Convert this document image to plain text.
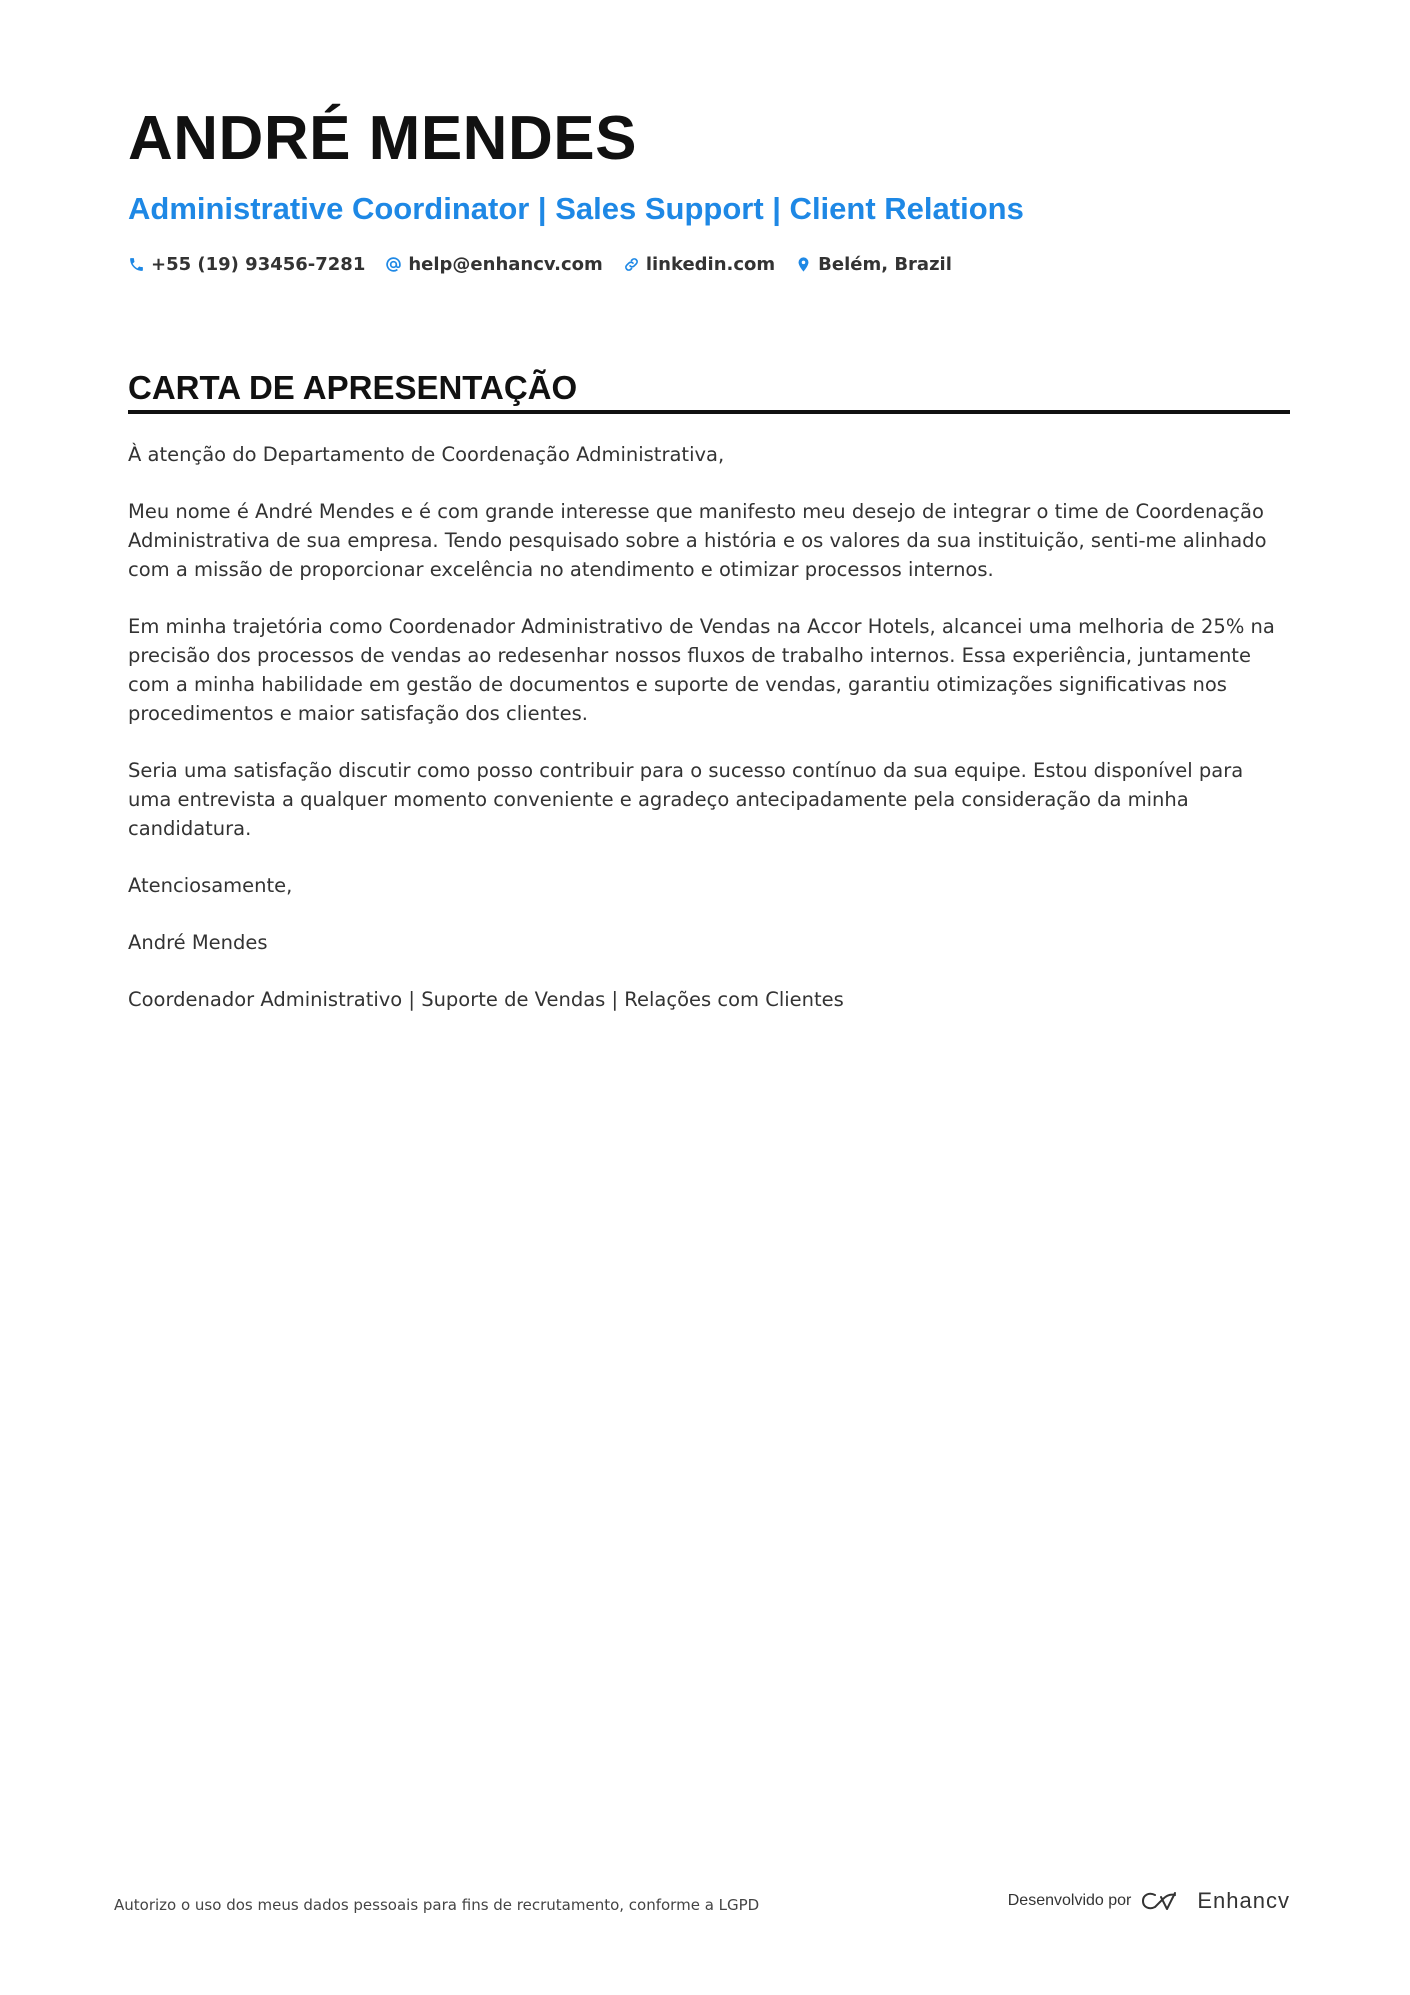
ANDRÉ MENDES
Administrative Coordinator | Sales Support | Client Relations
+55 (19) 93456-7281 help@enhancv.com linkedin.com Belém, Brazil
CARTA DE APRESENTAÇÃO

À atenção do Departamento de Coordenação Administrativa,

Meu nome é André Mendes e é com grande interesse que manifesto meu desejo de integrar o time de Coordenação Administrativa de sua empresa. Tendo pesquisado sobre a história e os valores da sua instituição, senti-me alinhado com a missão de proporcionar excelência no atendimento e otimizar processos internos.

Em minha trajetória como Coordenador Administrativo de Vendas na Accor Hotels, alcancei uma melhoria de 25% na precisão dos processos de vendas ao redesenhar nossos fluxos de trabalho internos. Essa experiência, juntamente com a minha habilidade em gestão de documentos e suporte de vendas, garantiu otimizações significativas nos procedimentos e maior satisfação dos clientes.

Seria uma satisfação discutir como posso contribuir para o sucesso contínuo da sua equipe. Estou disponível para uma entrevista a qualquer momento conveniente e agradeço antecipadamente pela consideração da minha candidatura.

Atenciosamente,

André Mendes

Coordenador Administrativo | Suporte de Vendas | Relações com Clientes

Autorizo o uso dos meus dados pessoais para fins de recrutamento, conforme a LGPD	Desenvolvido por	Enhancv
